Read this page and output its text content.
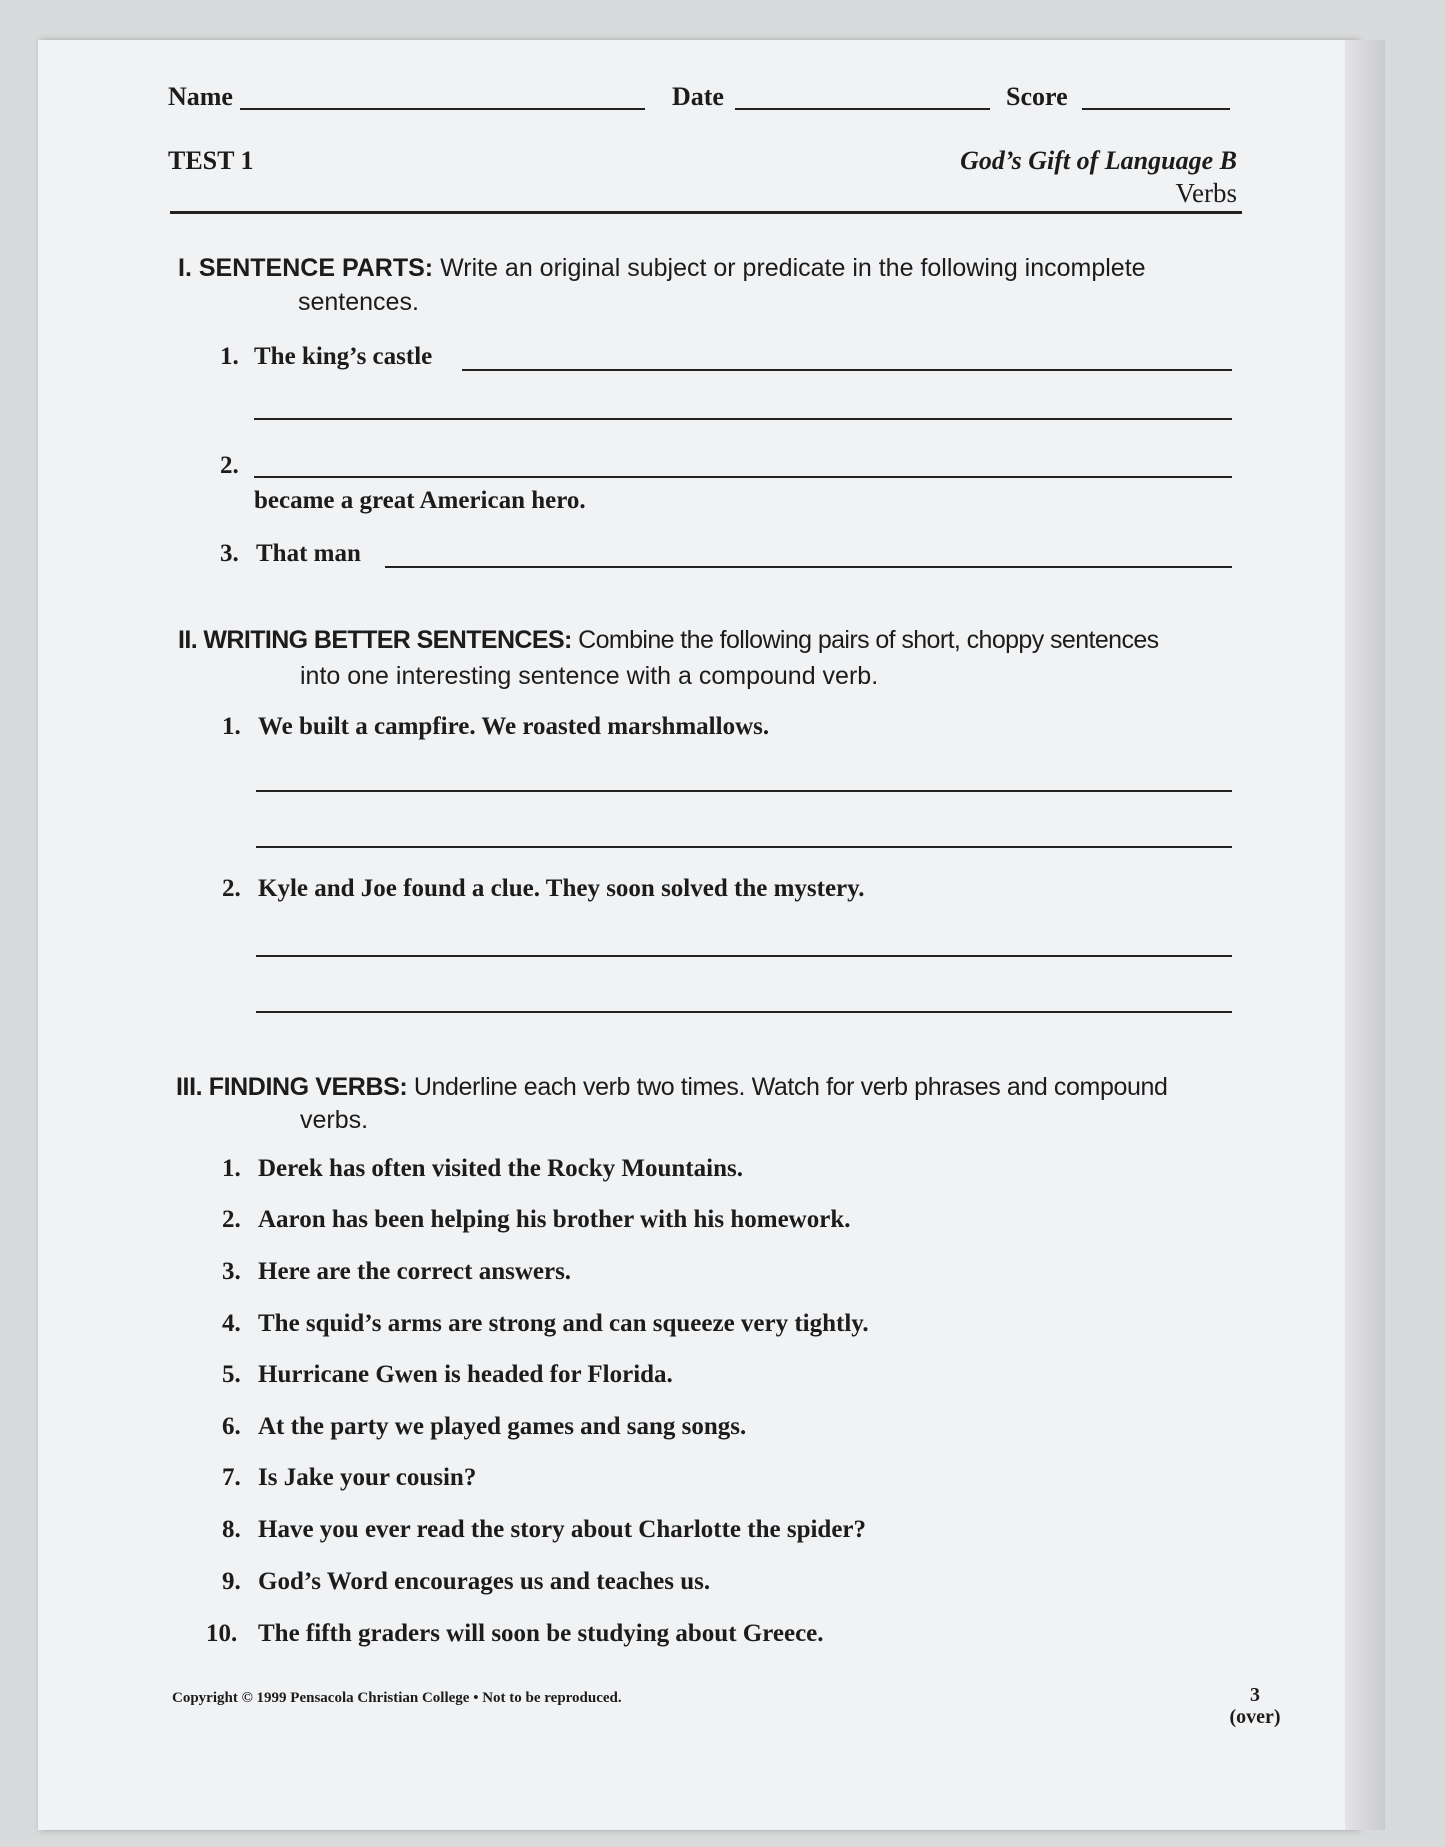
Name	Date	Score
TEST 1	God’s Gift of Language B
Verbs
I. SENTENCE PARTS: Write an original subject or predicate in the following incomplete
sentences.
1. The king’s castle
2.
became a great American hero.
3. That man
II. WRITING BETTER SENTENCES: Combine the following pairs of short, choppy sentences
into one interesting sentence with a compound verb.
1. We built a campfire. We roasted marshmallows.
2. Kyle and Joe found a clue. They soon solved the mystery.
III. FINDING VERBS: Underline each verb two times. Watch for verb phrases and compound
verbs.
1. Derek has often visited the Rocky Mountains.
2. Aaron has been helping his brother with his homework.
3. Here are the correct answers.
4. The squid’s arms are strong and can squeeze very tightly.
5. Hurricane Gwen is headed for Florida.
6. At the party we played games and sang songs.
7. Is Jake your cousin?
8. Have you ever read the story about Charlotte the spider?
9. God’s Word encourages us and teaches us.
10. The fifth graders will soon be studying about Greece.
Copyright © 1999 Pensacola Christian College • Not to be reproduced.	3
(over)
